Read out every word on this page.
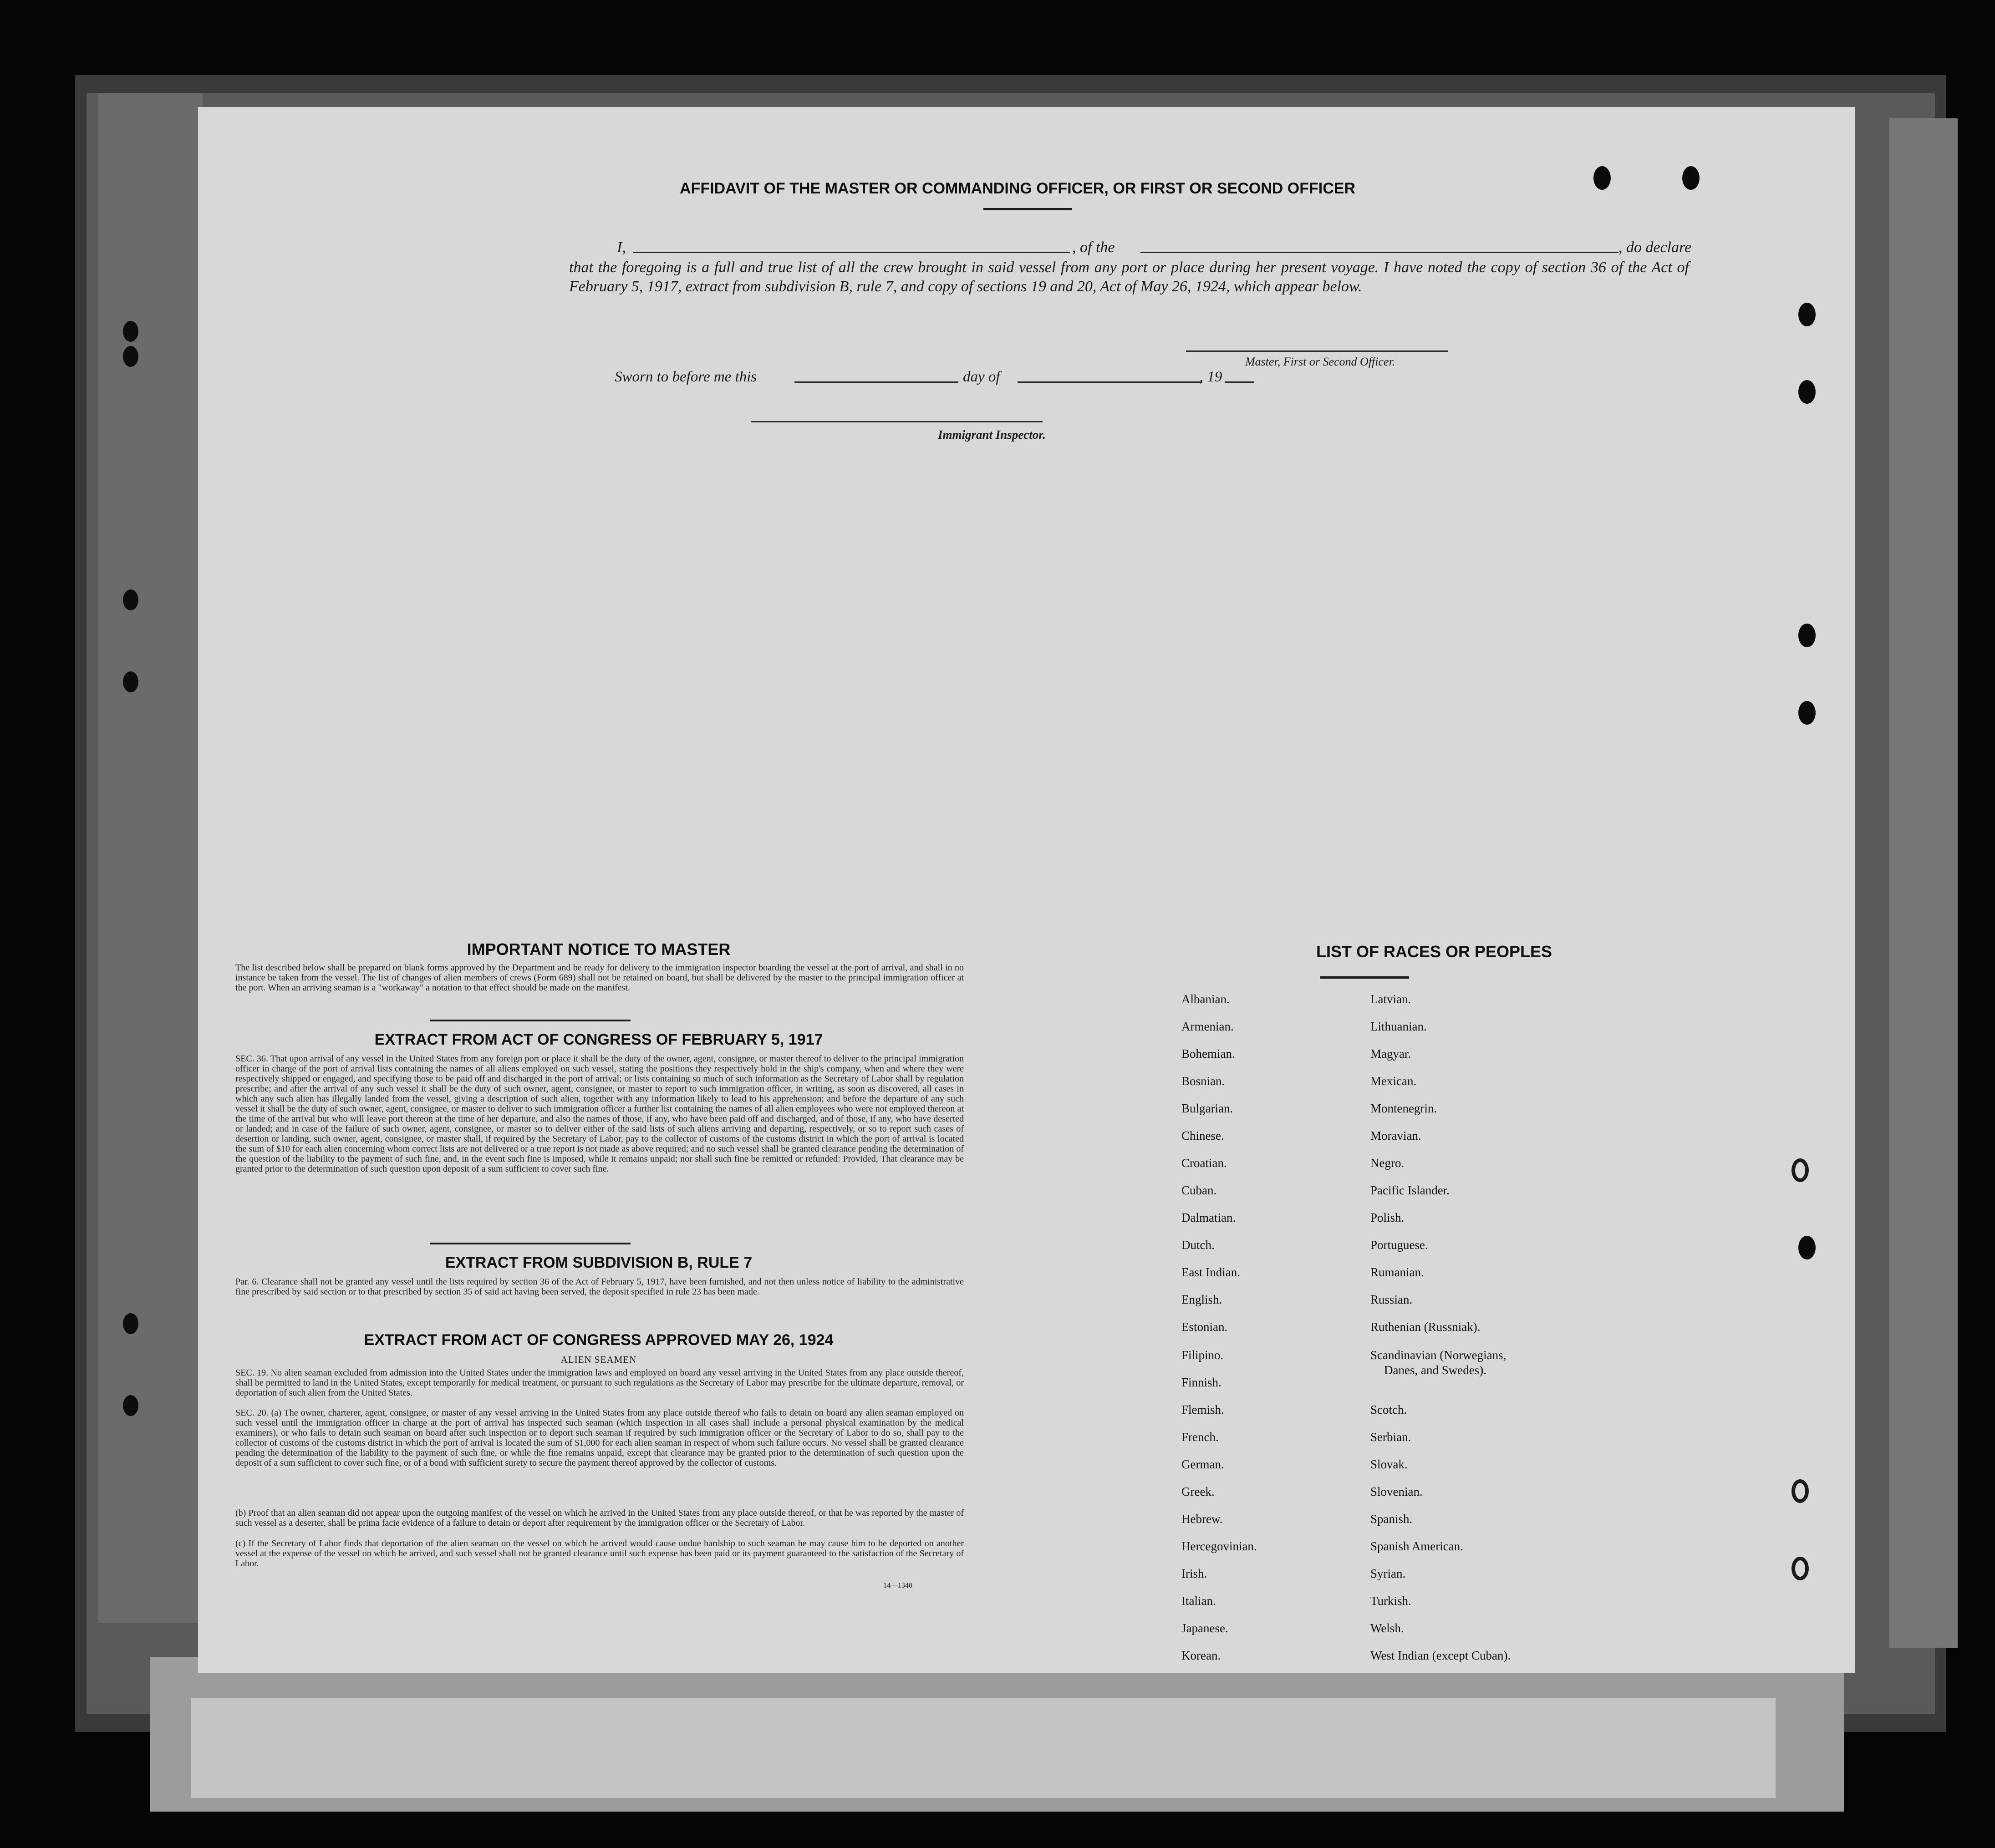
AFFIDAVIT OF THE MASTER OR COMMANDING OFFICER, OR FIRST OR SECOND OFFICER
I,	, of the	, do declare
that the foregoing is a full and true list of all the crew brought in said vessel from any port or place during her present voyage. I have noted the copy of section 36 of the Act of February 5, 1917, extract from subdivision B, rule 7, and copy of sections 19 and 20, Act of May 26, 1924, which appear below.
Master, First or Second Officer.
Sworn to before me this	day of	, 19
Immigrant Inspector.
IMPORTANT NOTICE TO MASTER
The list described below shall be prepared on blank forms approved by the Department and be ready for delivery to the immigration inspector boarding the vessel at the port of arrival, and shall in no instance be taken from the vessel. The list of changes of alien members of crews (Form 689) shall not be retained on board, but shall be delivered by the master to the principal immigration officer at the port. When an arriving seaman is a "workaway" a notation to that effect should be made on the manifest.
EXTRACT FROM ACT OF CONGRESS OF FEBRUARY 5, 1917
SEC. 36. That upon arrival of any vessel in the United States from any foreign port or place it shall be the duty of the owner, agent, consignee, or master thereof to deliver to the principal immigration officer in charge of the port of arrival lists containing the names of all aliens employed on such vessel, stating the positions they respectively hold in the ship's company, when and where they were respectively shipped or engaged, and specifying those to be paid off and discharged in the port of arrival; or lists containing so much of such information as the Secretary of Labor shall by regulation prescribe; and after the arrival of any such vessel it shall be the duty of such owner, agent, consignee, or master to report to such immigration officer, in writing, as soon as discovered, all cases in which any such alien has illegally landed from the vessel, giving a description of such alien, together with any information likely to lead to his apprehension; and before the departure of any such vessel it shall be the duty of such owner, agent, consignee, or master to deliver to such immigration officer a further list containing the names of all alien employees who were not employed thereon at the time of the arrival but who will leave port thereon at the time of her departure, and also the names of those, if any, who have been paid off and discharged, and of those, if any, who have deserted or landed; and in case of the failure of such owner, agent, consignee, or master so to deliver either of the said lists of such aliens arriving and departing, respectively, or so to report such cases of desertion or landing, such owner, agent, consignee, or master shall, if required by the Secretary of Labor, pay to the collector of customs of the customs district in which the port of arrival is located the sum of $10 for each alien concerning whom correct lists are not delivered or a true report is not made as above required; and no such vessel shall be granted clearance pending the determination of the question of the liability to the payment of such fine, and, in the event such fine is imposed, while it remains unpaid; nor shall such fine be remitted or refunded: Provided, That clearance may be granted prior to the determination of such question upon deposit of a sum sufficient to cover such fine.
EXTRACT FROM SUBDIVISION B, RULE 7
Par. 6. Clearance shall not be granted any vessel until the lists required by section 36 of the Act of February 5, 1917, have been furnished, and not then unless notice of liability to the administrative fine prescribed by said section or to that prescribed by section 35 of said act having been served, the deposit specified in rule 23 has been made.
EXTRACT FROM ACT OF CONGRESS APPROVED MAY 26, 1924
ALIEN SEAMEN
SEC. 19. No alien seaman excluded from admission into the United States under the immigration laws and employed on board any vessel arriving in the United States from any place outside thereof, shall be permitted to land in the United States, except temporarily for medical treatment, or pursuant to such regulations as the Secretary of Labor may prescribe for the ultimate departure, removal, or deportation of such alien from the United States.
SEC. 20. (a) The owner, charterer, agent, consignee, or master of any vessel arriving in the United States from any place outside thereof who fails to detain on board any alien seaman employed on such vessel until the immigration officer in charge at the port of arrival has inspected such seaman (which inspection in all cases shall include a personal physical examination by the medical examiners), or who fails to detain such seaman on board after such inspection or to deport such seaman if required by such immigration officer or the Secretary of Labor to do so, shall pay to the collector of customs of the customs district in which the port of arrival is located the sum of $1,000 for each alien seaman in respect of whom such failure occurs. No vessel shall be granted clearance pending the determination of the liability to the payment of such fine, or while the fine remains unpaid, except that clearance may be granted prior to the determination of such question upon the deposit of a sum sufficient to cover such fine, or of a bond with sufficient surety to secure the payment thereof approved by the collector of customs.
(b) Proof that an alien seaman did not appear upon the outgoing manifest of the vessel on which he arrived in the United States from any place outside thereof, or that he was reported by the master of such vessel as a deserter, shall be prima facie evidence of a failure to detain or deport after requirement by the immigration officer or the Secretary of Labor.
(c) If the Secretary of Labor finds that deportation of the alien seaman on the vessel on which he arrived would cause undue hardship to such seaman he may cause him to be deported on another vessel at the expense of the vessel on which he arrived, and such vessel shall not be granted clearance until such expense has been paid or its payment guaranteed to the satisfaction of the Secretary of Labor.
14—1340
LIST OF RACES OR PEOPLES
Albanian.
Armenian.
Bohemian.
Bosnian.
Bulgarian.
Chinese.
Croatian.
Cuban.
Dalmatian.
Dutch.
East Indian.
English.
Estonian.
Filipino.
Finnish.
Flemish.
French.
German.
Greek.
Hebrew.
Hercegovinian.
Irish.
Italian.
Japanese.
Korean.
Latvian.
Lithuanian.
Magyar.
Mexican.
Montenegrin.
Moravian.
Negro.
Pacific Islander.
Polish.
Portuguese.
Rumanian.
Russian.
Ruthenian (Russniak).
Scandinavian (Norwegians,
Danes, and Swedes).
Scotch.
Serbian.
Slovak.
Slovenian.
Spanish.
Spanish American.
Syrian.
Turkish.
Welsh.
West Indian (except Cuban).
